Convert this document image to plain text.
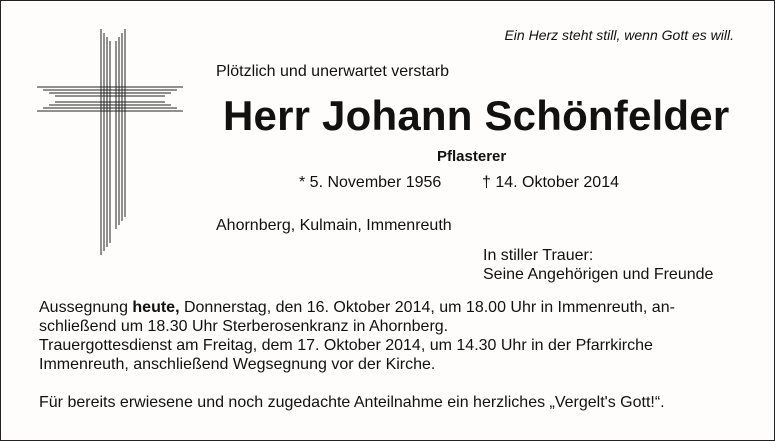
Ein Herz steht still, wenn Gott es will.
Plötzlich und unerwartet verstarb
Herr Johann Schönfelder
Pflasterer
* 5. November 1956	† 14. Oktober 2014
Ahornberg, Kulmain, Immenreuth
In stiller Trauer:
Seine Angehörigen und Freunde
Aussegnung heute, Donnerstag, den 16. Oktober 2014, um 18.00 Uhr in Immenreuth, an-
schließend um 18.30 Uhr Sterberosenkranz in Ahornberg.
Trauergottesdienst am Freitag, dem 17. Oktober 2014, um 14.30 Uhr in der Pfarrkirche
Immenreuth, anschließend Wegsegnung vor der Kirche.
Für bereits erwiesene und noch zugedachte Anteilnahme ein herzliches „Vergelt's Gott!“.
